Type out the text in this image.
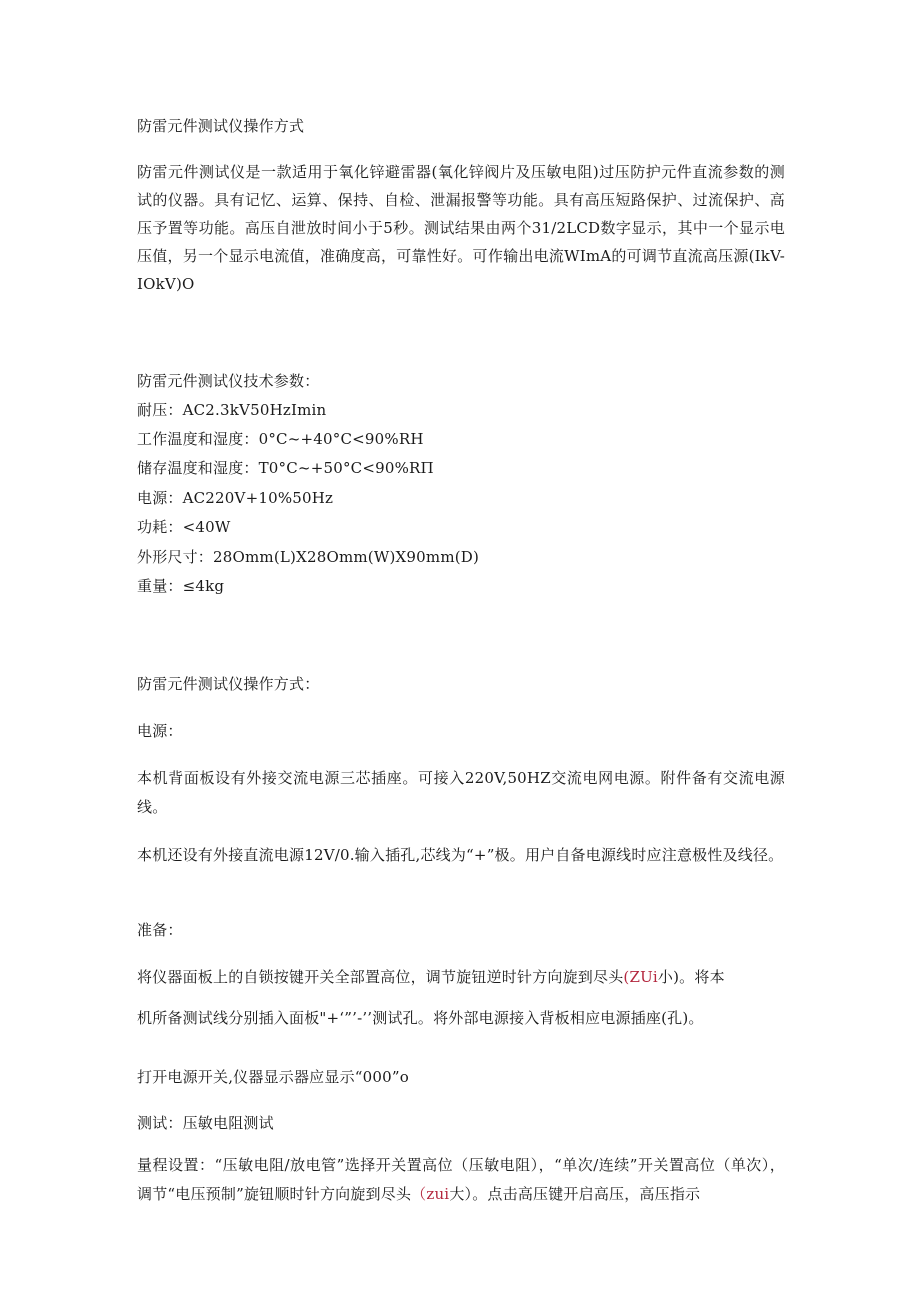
防雷元件测试仪操作方式
防雷元件测试仪是一款适用于氧化锌避雷器(氧化锌阀片及压敏电阻)过压防护元件直流参数的测试的仪器。具有记忆、运算、保持、自检、泄漏报警等功能。具有高压短路保护、过流保护、高压予置等功能。高压自泄放时间小于5秒。测试结果由两个31/2LCD数字显示，其中一个显示电压值，另一个显示电流值，准确度高，可靠性好。可作输出电流WImA的可调节直流高压源(IkV-IOkV)O
防雷元件测试仪技术参数：
耐压：AC2.3kV50HzImin
工作温度和湿度：0°C~+40°C<90%RH
储存温度和湿度：T0°C~+50°C<90%RΠ
电源：AC220V+10%50Hz
功耗：<40W
外形尺寸：28Omm(L)X28Omm(W)X90mm(D)
重量：≤4kg
防雷元件测试仪操作方式：
电源：
本机背面板设有外接交流电源三芯插座。可接入220V,50HZ交流电网电源。附件备有交流电源线。
本机还设有外接直流电源12V/0.输入插孔,芯线为“+”极。用户自备电源线时应注意极性及线径。
准备：
将仪器面板上的自锁按键开关全部置高位，调节旋钮逆时针方向旋到尽头(ZUi小)。将本
机所备测试线分别插入面板"+‘”’-’’测试孔。将外部电源接入背板相应电源插座(孔)。
打开电源开关,仪器显示器应显示“000”o
测试：压敏电阻测试
量程设置：“压敏电阻/放电管”选择开关置高位（压敏电阻），“单次/连续”开关置高位（单次），调节“电压预制”旋钮顺时针方向旋到尽头（zui大）。点击高压键开启高压，高压指示
